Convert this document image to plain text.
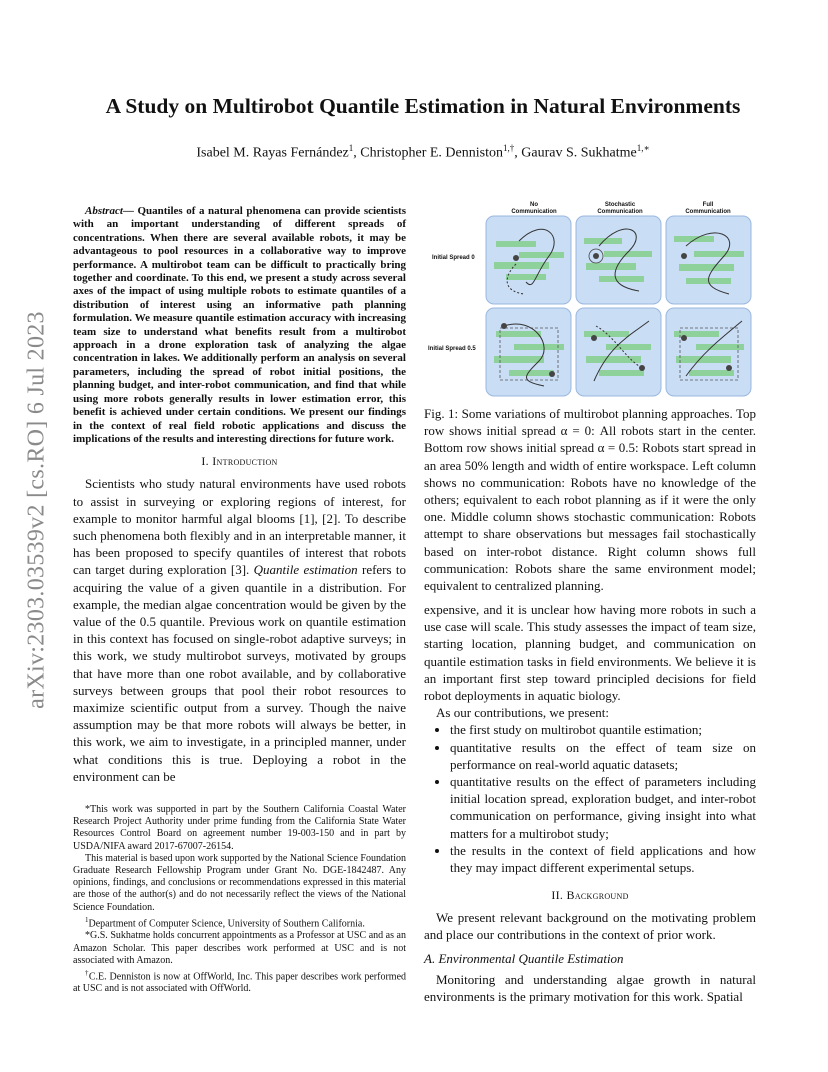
arXiv:2303.03539v2 [cs.RO] 6 Jul 2023
A Study on Multirobot Quantile Estimation in Natural Environments
Isabel M. Rayas Fernández$^1$, Christopher E. Denniston$^{1,\dagger}$, Gaurav S. Sukhatme$^{1,∗}$

Abstract— Quantiles of a natural phenomena can provide scientists with an important understanding of different spreads of concentrations. When there are several available robots, it may be advantageous to pool resources in a collaborative way to improve performance. A multirobot team can be difficult to practically bring together and coordinate. To this end, we present a study across several axes of the impact of using multiple robots to estimate quantiles of a distribution of interest using an informative path planning formulation. We measure quantile estimation accuracy with increasing team size to understand what benefits result from a multirobot approach in a drone exploration task of analyzing the algae concentration in lakes. We additionally perform an analysis on several parameters, including the spread of robot initial positions, the planning budget, and inter-robot communication, and find that while using more robots generally results in lower estimation error, this benefit is achieved under certain conditions. We present our findings in the context of real field robotic applications and discuss the implications of the results and interesting directions for future work.

I. Introduction

Scientists who study natural environments have used robots to assist in surveying or exploring regions of interest, for example to monitor harmful algal blooms [1], [2]. To describe such phenomena both flexibly and in an interpretable manner, it has been proposed to specify quantiles of interest that robots can target during exploration [3]. Quantile estimation refers to acquiring the value of a given quantile in a distribution. For example, the median algae concentration would be given by the value of the 0.5 quantile. Previous work on quantile estimation in this context has focused on single-robot adaptive surveys; in this work, we study multirobot surveys, motivated by groups that have more than one robot available, and by collaborative surveys between groups that pool their robot resources to maximize scientific output from a survey. Though the naive assumption may be that more robots will always be better, in this work, we aim to investigate, in a principled manner, under what conditions this is true. Deploying a robot in the environment can be

*This work was supported in part by the Southern California Coastal Water Research Project Authority under prime funding from the California State Water Resources Control Board on agreement number 19-003-150 and in part by USDA/NIFA award 2017-67007-26154.

This material is based upon work supported by the National Science Foundation Graduate Research Fellowship Program under Grant No. DGE-1842487. Any opinions, findings, and conclusions or recommendations expressed in this material are those of the author(s) and do not necessarily reflect the views of the National Science Foundation.

$^1$Department of Computer Science, University of Southern California.

*G.S. Sukhatme holds concurrent appointments as a Professor at USC and as an Amazon Scholar. This paper describes work performed at USC and is not associated with Amazon.

†C.E. Denniston is now at OffWorld, Inc. This paper describes work performed at USC and is not associated with OffWorld.

No Communication
Stochastic Communication
Full Communication
Initial Spread 0
Initial Spread 0.5

Fig. 1: Some variations of multirobot planning approaches. Top row shows initial spread α = 0: All robots start in the center. Bottom row shows initial spread α = 0.5: Robots start spread in an area 50% length and width of entire workspace. Left column shows no communication: Robots have no knowledge of the others; equivalent to each robot planning as if it were the only one. Middle column shows stochastic communication: Robots attempt to share observations but messages fail stochastically based on inter-robot distance. Right column shows full communication: Robots share the same environment model; equivalent to centralized planning.

expensive, and it is unclear how having more robots in such a use case will scale. This study assesses the impact of team size, starting location, planning budget, and communication on quantile estimation tasks in field environments. We believe it is an important first step toward principled decisions for field robot deployments in aquatic biology.

As our contributions, we present:

• the first study on multirobot quantile estimation;
• quantitative results on the effect of team size on performance on real-world aquatic datasets;
• quantitative results on the effect of parameters including initial location spread, exploration budget, and inter-robot communication on performance, giving insight into what matters for a multirobot study;
• the results in the context of field applications and how they may impact different experimental setups.
II. Background

We present relevant background on the motivating problem and place our contributions in the context of prior work.

A. Environmental Quantile Estimation

Monitoring and understanding algae growth in natural environments is the primary motivation for this work. Spatial
